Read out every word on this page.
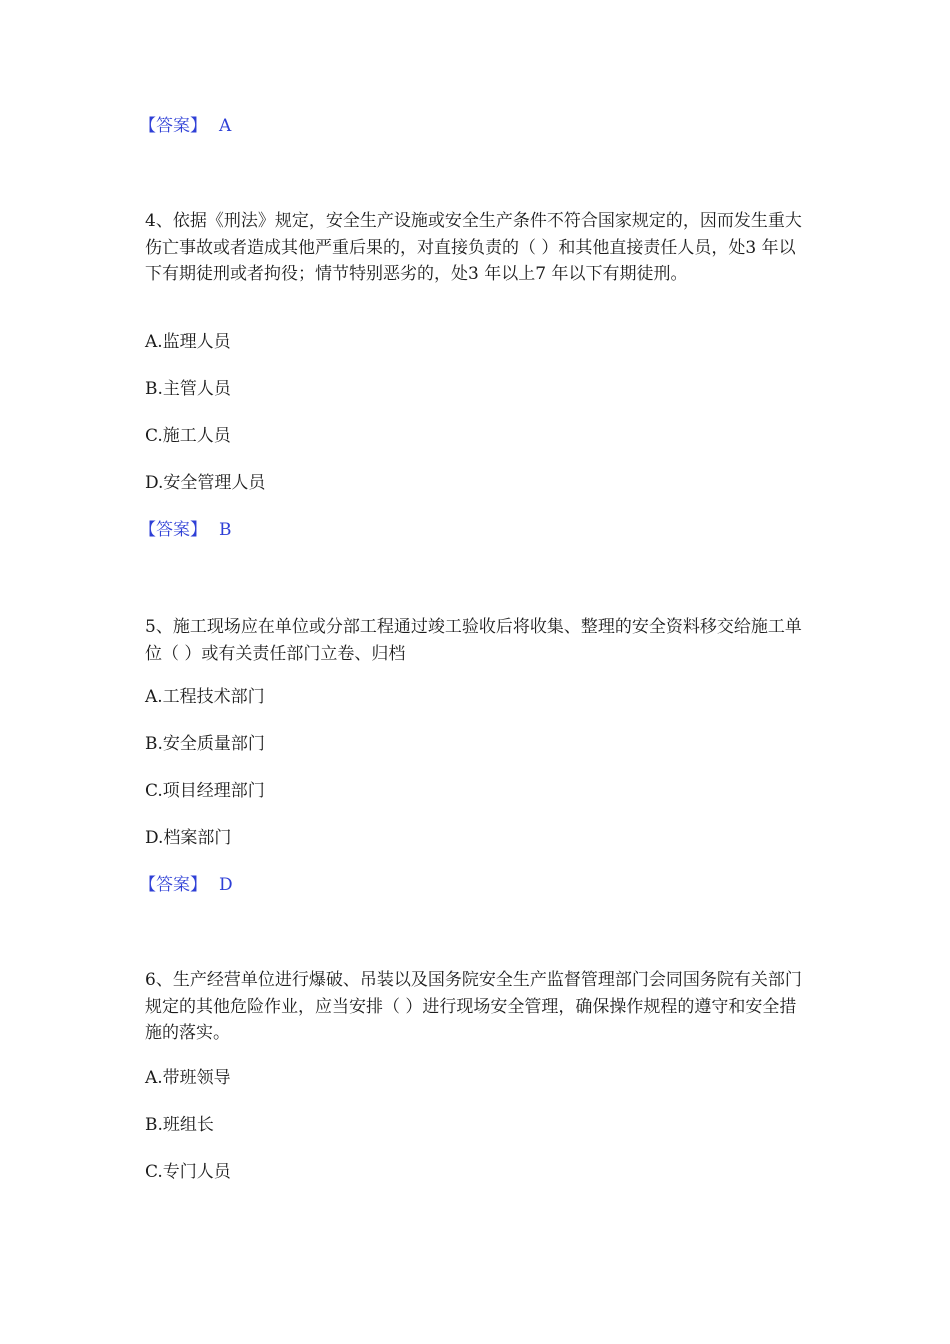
【答案】 A
4、依据《刑法》规定，安全生产设施或安全生产条件不符合国家规定的，因而发生重大伤亡事故或者造成其他严重后果的，对直接负责的（ ）和其他直接责任人员，处3 年以下有期徒刑或者拘役；情节特别恶劣的，处3 年以上7 年以下有期徒刑。
A.监理人员
B.主管人员
C.施工人员
D.安全管理人员
【答案】 B
5、施工现场应在单位或分部工程通过竣工验收后将收集、整理的安全资料移交给施工单位（ ）或有关责任部门立卷、归档
A.工程技术部门
B.安全质量部门
C.项目经理部门
D.档案部门
【答案】 D
6、生产经营单位进行爆破、吊装以及国务院安全生产监督管理部门会同国务院有关部门规定的其他危险作业，应当安排（ ）进行现场安全管理，确保操作规程的遵守和安全措施的落实。
A.带班领导
B.班组长
C.专门人员
